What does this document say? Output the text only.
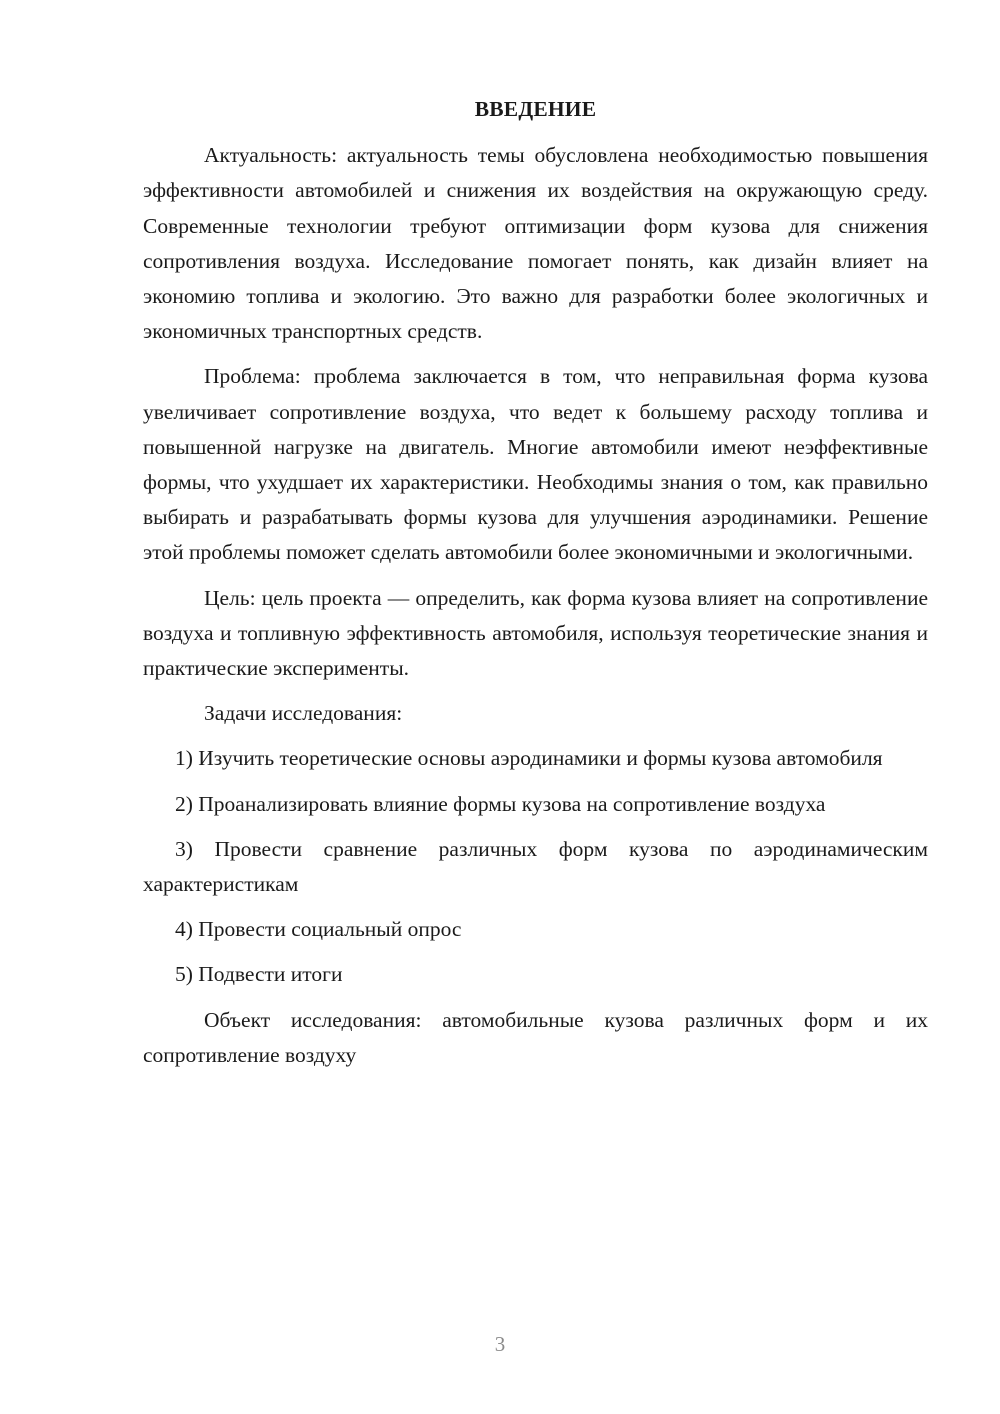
ВВЕДЕНИЕ

Актуальность: актуальность темы обусловлена необходимостью повышения эффективности автомобилей и снижения их воздействия на окружающую среду. Современные технологии требуют оптимизации форм кузова для снижения сопротивления воздуха. Исследование помогает понять, как дизайн влияет на экономию топлива и экологию. Это важно для разработки более экологичных и экономичных транспортных средств.

Проблема: проблема заключается в том, что неправильная форма кузова увеличивает сопротивление воздуха, что ведет к большему расходу топлива и повышенной нагрузке на двигатель. Многие автомобили имеют неэффективные формы, что ухудшает их характеристики. Необходимы знания о том, как правильно выбирать и разрабатывать формы кузова для улучшения аэродинамики. Решение этой проблемы поможет сделать автомобили более экономичными и экологичными.

Цель: цель проекта — определить, как форма кузова влияет на сопротивление воздуха и топливную эффективность автомобиля, используя теоретические знания и практические эксперименты.

Задачи исследования:

1) Изучить теоретические основы аэродинамики и формы кузова автомобиля

2) Проанализировать влияние формы кузова на сопротивление воздуха

3) Провести сравнение различных форм кузова по аэродинамическим характеристикам

4) Провести социальный опрос

5) Подвести итоги

Объект исследования: автомобильные кузова различных форм и их сопротивление воздуху

3
